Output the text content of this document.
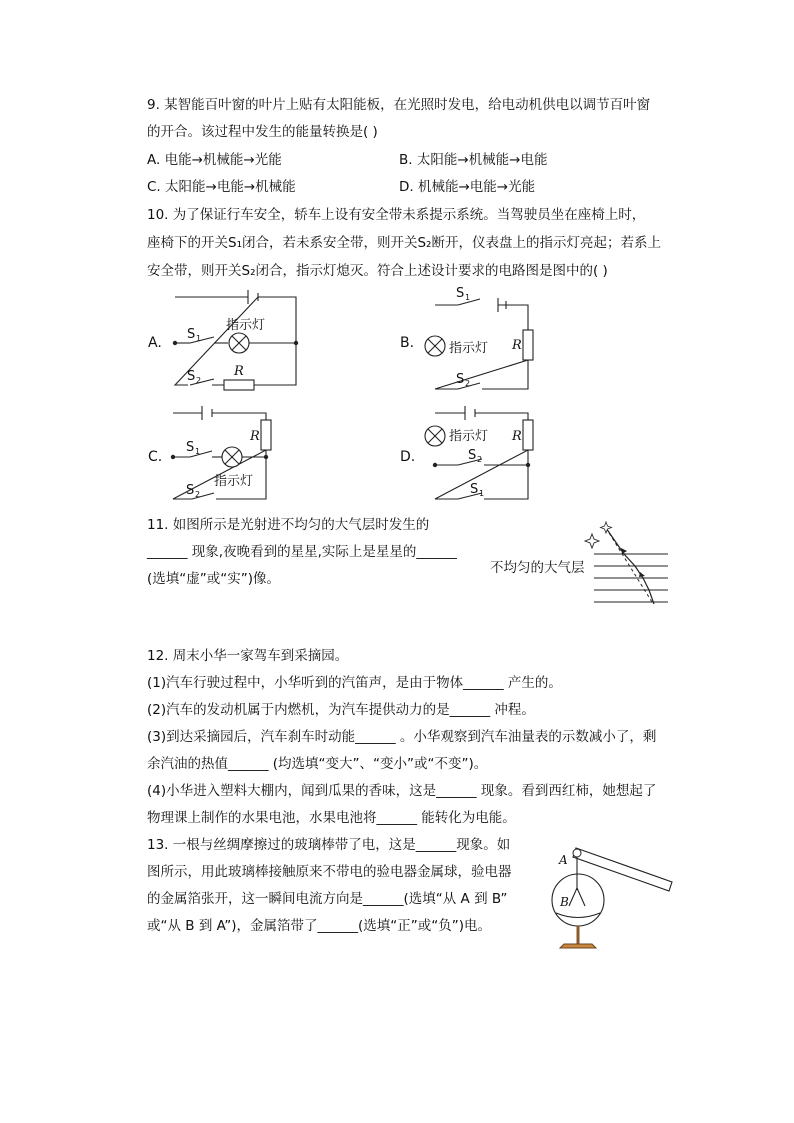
9. 某智能百叶窗的叶片上贴有太阳能板，在光照时发电，给电动机供电以调节百叶窗
的开合。该过程中发生的能量转换是( )
A. 电能→机械能→光能	B. 太阳能→机械能→电能
C. 太阳能→电能→机械能	D. 机械能→电能→光能
10. 为了保证行车安全，轿车上设有安全带未系提示系统。当驾驶员坐在座椅上时，
座椅下的开关S₁闭合，若未系安全带，则开关S₂断开，仪表盘上的指示灯亮起；若系上
安全带，则开关S₂闭合，指示灯熄灭。符合上述设计要求的电路图是图中的( )
A.	B.
C.	D.
S 1
指示灯
S 2
R
S 1
指示灯 R
S 2
S 1
R
指示灯
S 2
指示灯 R
S 2
S 1
11. 如图所示是光射进不均匀的大气层时发生的
______ 现象,夜晚看到的星星,实际上是星星的______
(选填“虚”或“实”)像。
不均匀的大气层
12. 周末小华一家驾车到采摘园。
(1)汽车行驶过程中，小华听到的汽笛声，是由于物体______ 产生的。
(2)汽车的发动机属于内燃机，为汽车提供动力的是______ 冲程。
(3)到达采摘园后，汽车刹车时动能______ 。小华观察到汽车油量表的示数减小了，剩
余汽油的热值______ (均选填“变大”、“变小”或“不变”)。
(4)小华进入塑料大棚内，闻到瓜果的香味，这是______ 现象。看到西红柿，她想起了
物理课上制作的水果电池，水果电池将______ 能转化为电能。
13. 一根与丝绸摩擦过的玻璃棒带了电，这是______现象。如
图所示，用此玻璃棒接触原来不带电的验电器金属球，验电器
的金属箔张开，这一瞬间电流方向是______(选填“从 A 到 B”
或“从 B 到 A”)，金属箔带了______(选填“正”或“负”)电。
A
B
